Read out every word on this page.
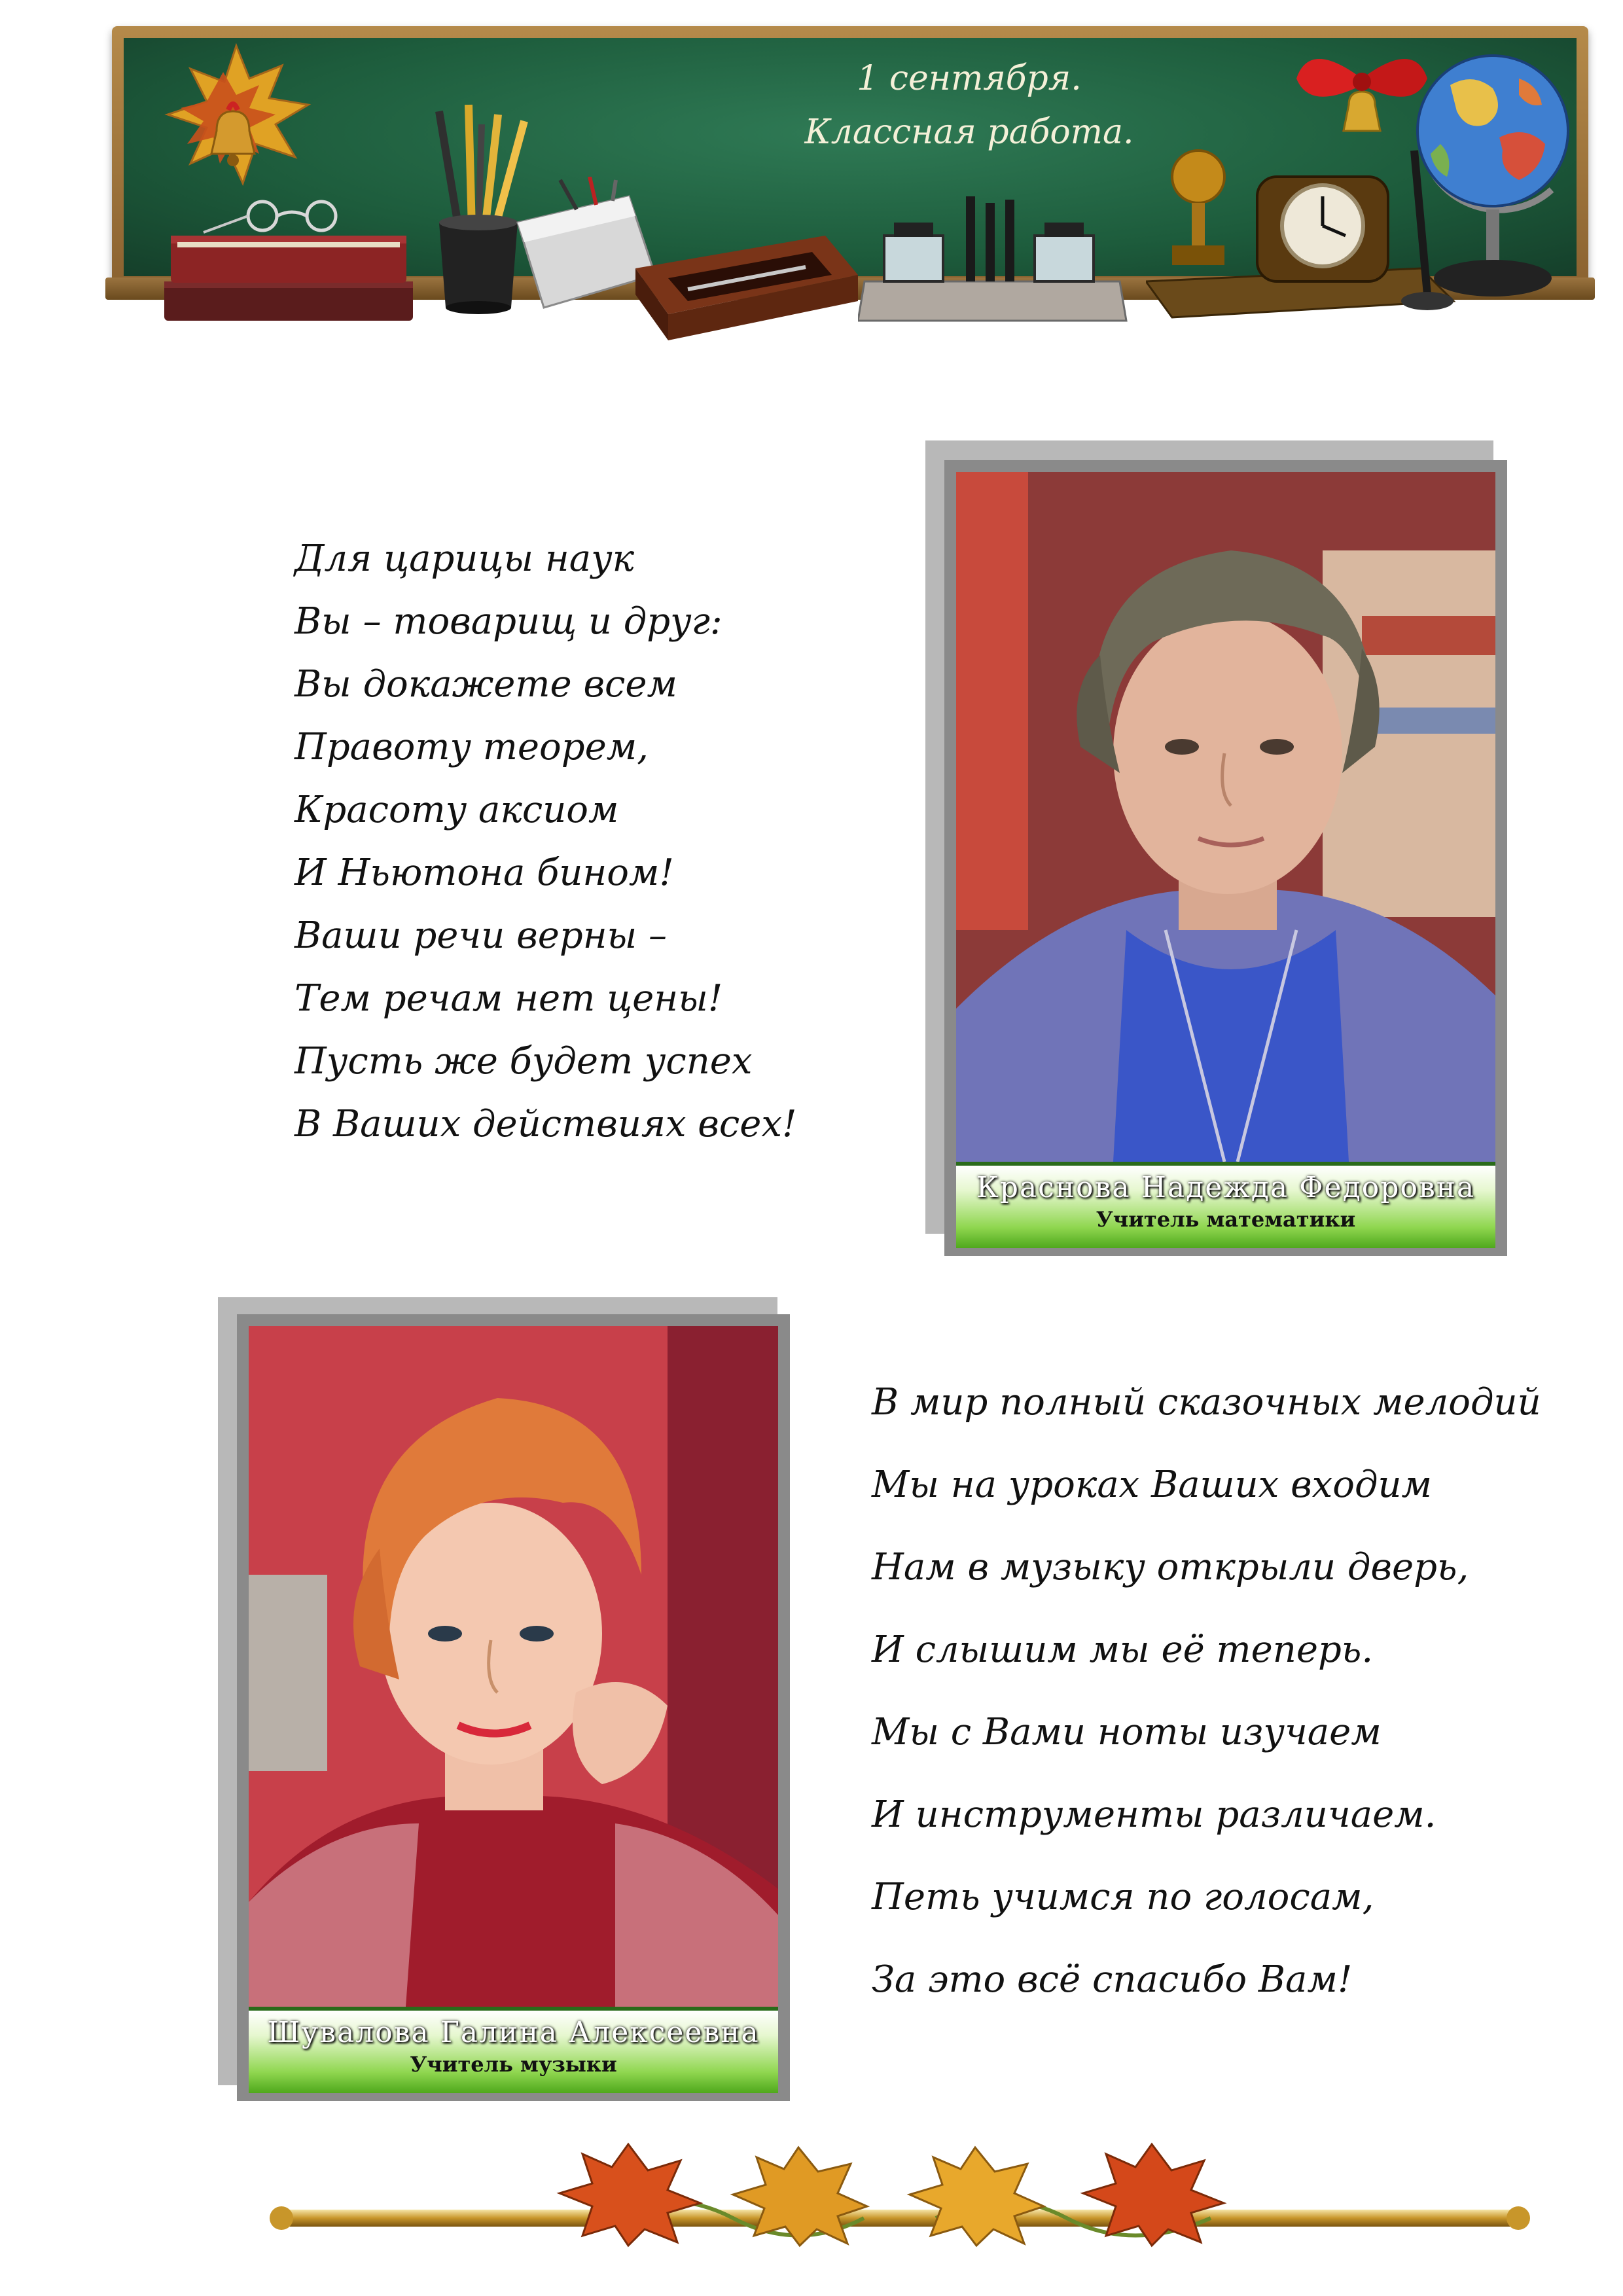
1 сентября.
Классная работа.
Для царицы наук
Вы – товарищ и друг:
Вы докажете всем
Правоту теорем,
Красоту аксиом
И Ньютона бином!
Ваши речи верны –
Тем речам нет цены!
Пусть же будет успех
В Ваших действиях всех!
Краснова Надежда Федоровна
Учитель математики
Шувалова Галина Алексеевна
Учитель музыки
В мир полный сказочных мелодий
Мы на уроках Ваших входим
Нам в музыку открыли дверь,
И слышим мы её теперь.
Мы с Вами ноты изучаем
И инструменты различаем.
Петь учимся по голосам,
За это всё спасибо Вам!
